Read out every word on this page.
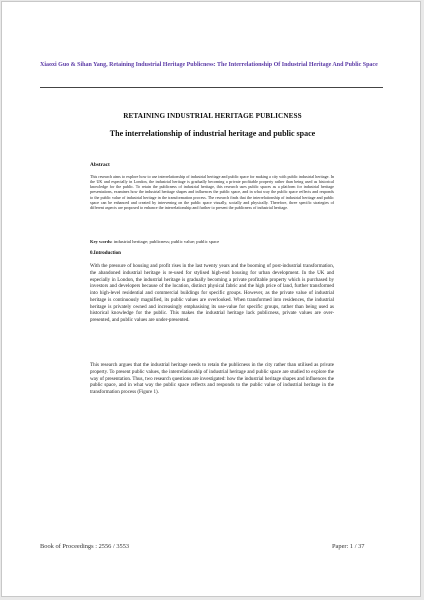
Xiaoxi Guo & Sihan Yang, Retaining Industrial Heritage Publicness: The Interrelationship Of Industrial Heritage And Public Space
RETAINING INDUSTRIAL HERITAGE PUBLICNESS
The interrelationship of industrial heritage and public space
Abstract
This research aims to explore how to use interrelationship of industrial heritage and public space for making a city with public industrial heritage. In the UK and especially in London, the industrial heritage is gradually becoming a private profitable property rather than being used as historical knowledge for the public. To retain the publicness of industrial heritage, this research uses public spaces as a platform for industrial heritage presentations, examines how the industrial heritage shapes and influences the public space, and in what way the public space reflects and responds to the public value of industrial heritage in the transformation process. The research finds that the interrelationship of industrial heritage and public space can be enhanced and created by intervening on the public space visually, socially and physically. Therefore, three specific strategies of different aspects are proposed to enhance the interrelationship and further to present the publicness of industrial heritage.
Key words: industrial heritage; publicness; public value; public space
0.Introduction
With the pressure of housing and profit rises in the last twenty years and the booming of post-industrial transformation, the abandoned industrial heritage is re-used for stylised high-end housing for urban development. In the UK and especially in London, the industrial heritage is gradually becoming a private profitable property which is purchased by investors and developers because of the location, distinct physical fabric and the high price of land, further transformed into high-level residential and commercial buildings for specific groups. However, as the private value of industrial heritage is continuously magnified, its public values are overlooked. When transformed into residences, the industrial heritage is privately owned and increasingly emphasising its use-value for specific groups, rather than being used as historical knowledge for the public. This makes the industrial heritage lack publicness, private values are over-presented, and public values are under-presented.
This research argues that the industrial heritage needs to retain the publicness in the city rather than utilised as private property. To present public values, the interrelationship of industrial heritage and public space are studied to explore the way of presentation. Thus, two research questions are investigated: how the industrial heritage shapes and influences the public space, and in what way the public space reflects and responds to the public value of industrial heritage in the transformation process (Figure 1).
Book of Proceedings : 2556 / 3553	Paper: 1 / 37
